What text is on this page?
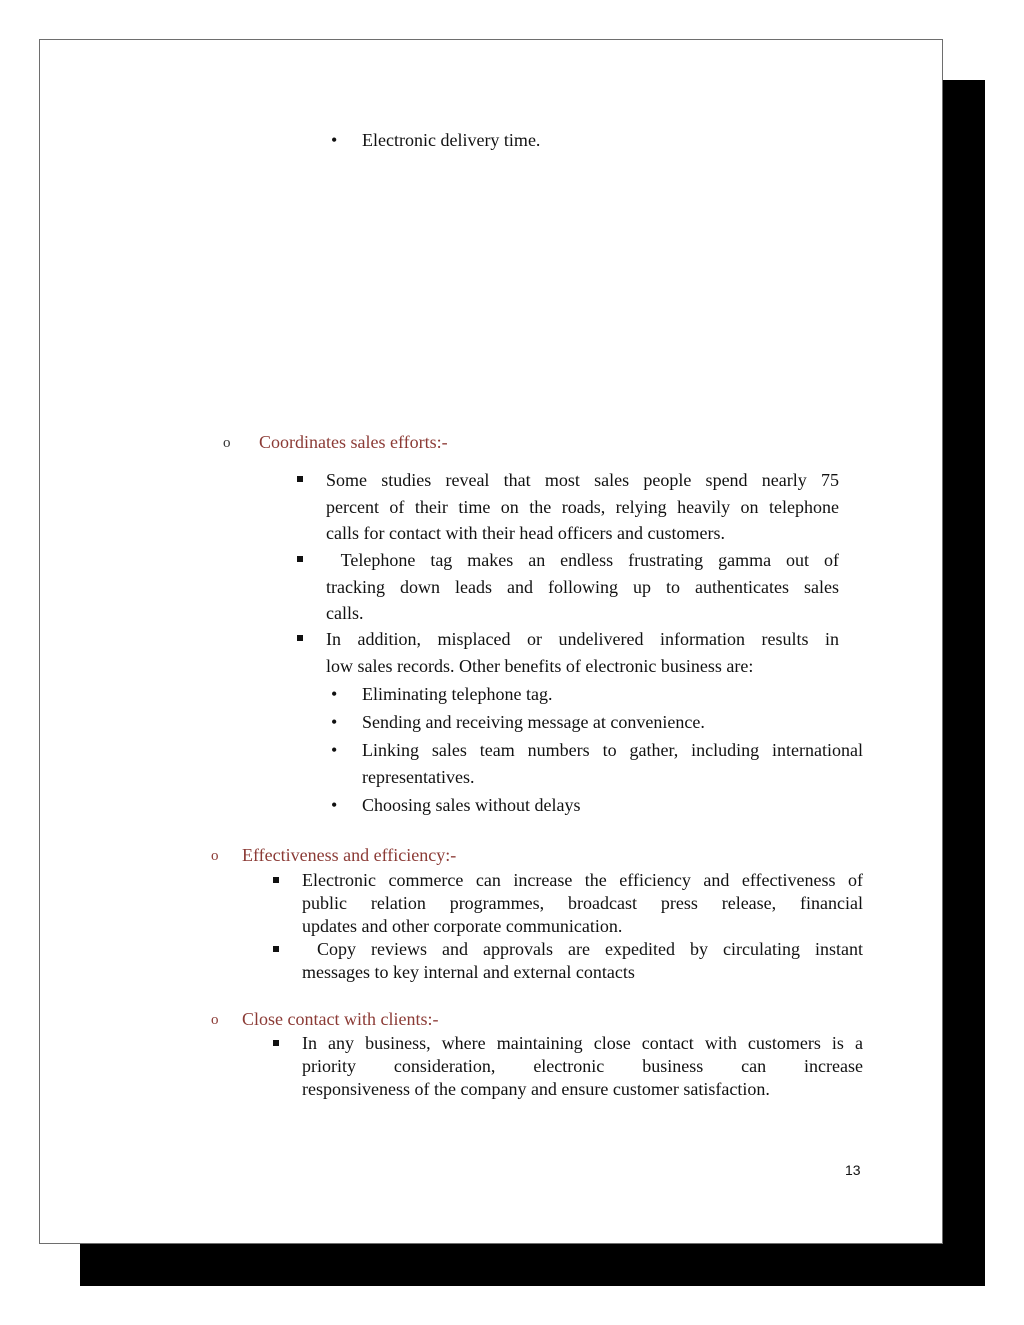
• Electronic delivery time.

o Coordinates sales efforts:-

Some studies reveal that most sales people spend nearly 75

percent of their time on the roads, relying heavily on telephone

calls for contact with their head officers and customers.

Telephone tag makes an endless frustrating gamma out of

tracking down leads and following up to authenticates sales

calls.

In addition, misplaced or undelivered information results in

low sales records. Other benefits of electronic business are:

• Eliminating telephone tag.

• Sending and receiving message at convenience.

• Linking sales team numbers to gather, including international

representatives.

• Choosing sales without delays

o Effectiveness and efficiency:-

Electronic commerce can increase the efficiency and effectiveness of

public relation programmes, broadcast press release, financial

updates and other corporate communication.

Copy reviews and approvals are expedited by circulating instant

messages to key internal and external contacts

o Close contact with clients:-

In any business, where maintaining close contact with customers is a

priority consideration, electronic business can increase

responsiveness of the company and ensure customer satisfaction.

13
